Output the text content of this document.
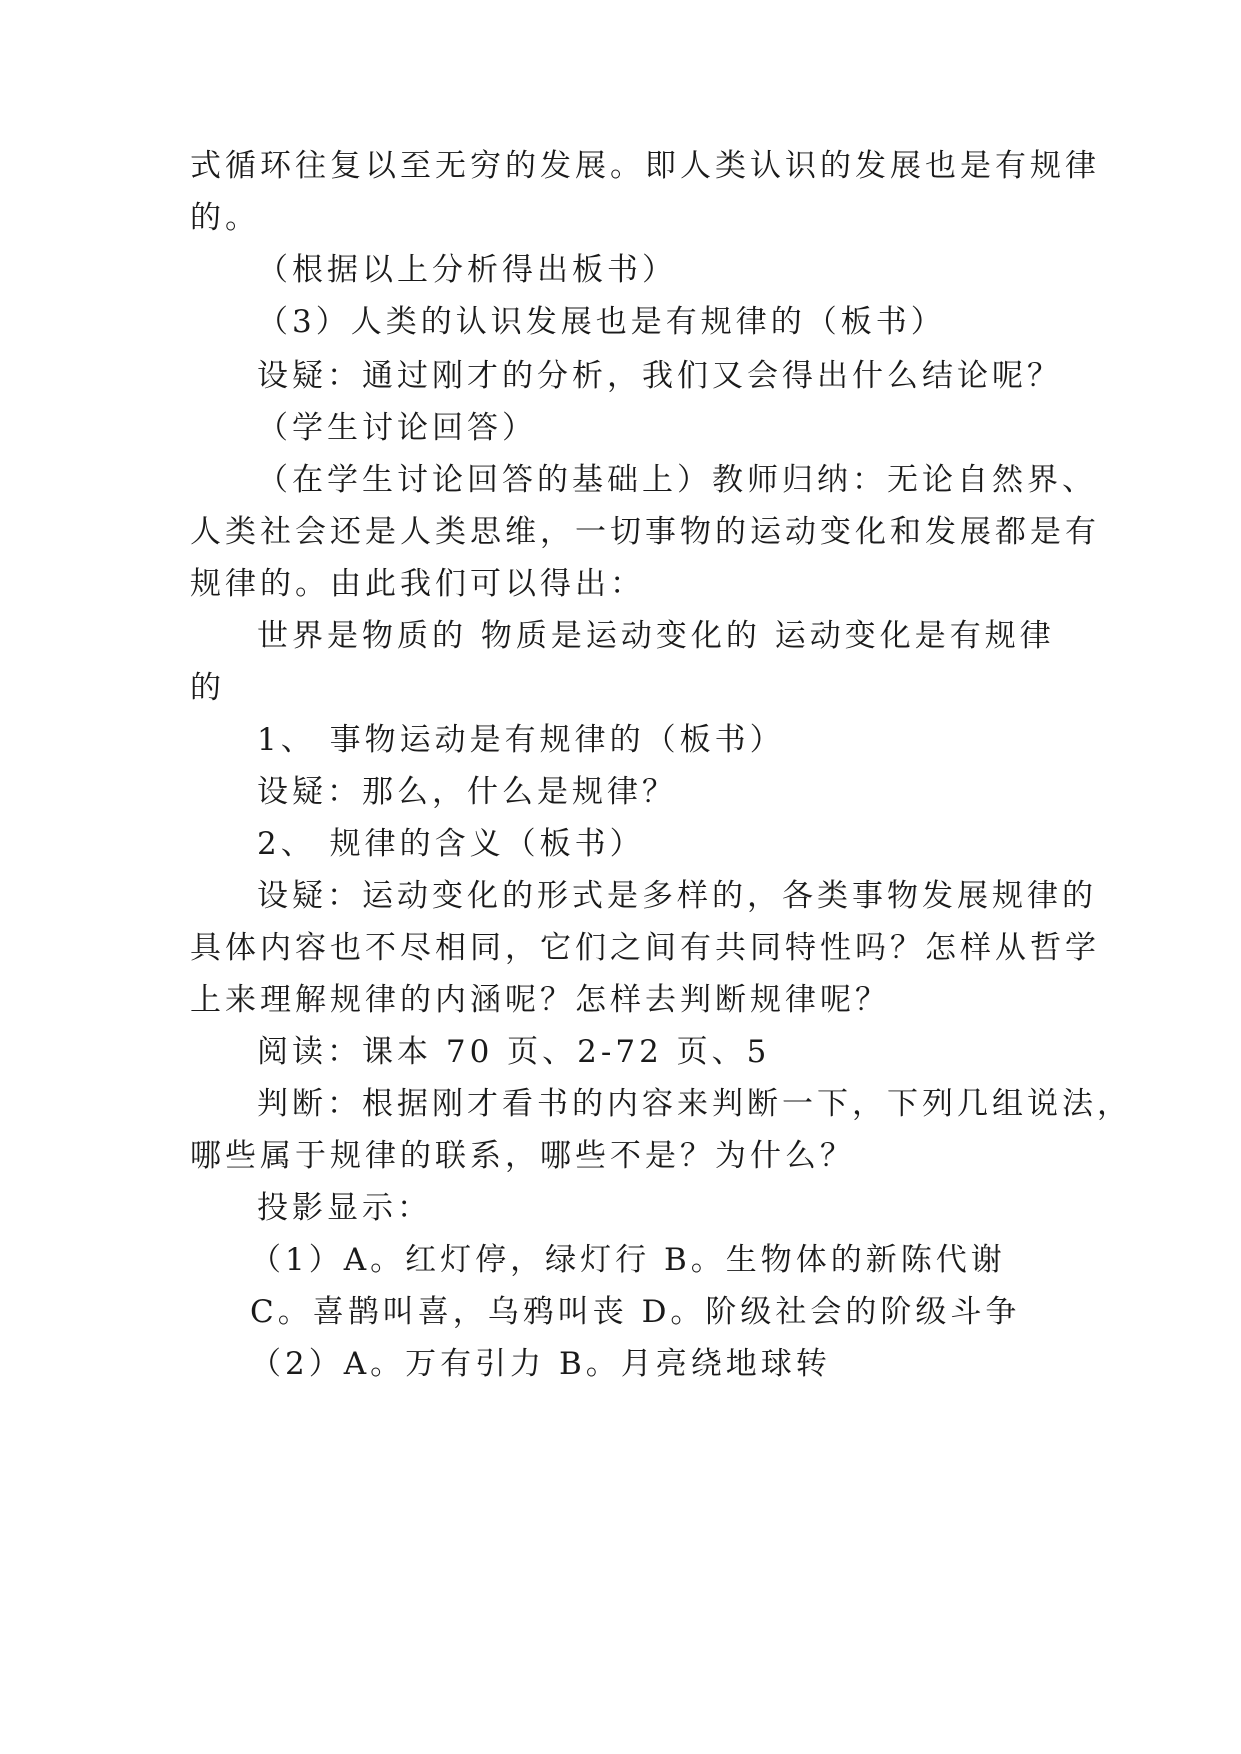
式循环往复以至无穷的发展。即人类认识的发展也是有规律
的。
（根据以上分析得出板书）
（3）人类的认识发展也是有规律的（板书）
设疑：通过刚才的分析，我们又会得出什么结论呢？
（学生讨论回答）
（在学生讨论回答的基础上）教师归纳：无论自然界、
人类社会还是人类思维，一切事物的运动变化和发展都是有
规律的。由此我们可以得出：
世界是物质的 物质是运动变化的 运动变化是有规律
的
1、 事物运动是有规律的（板书）
设疑：那么，什么是规律？
2、 规律的含义（板书）
设疑：运动变化的形式是多样的，各类事物发展规律的
具体内容也不尽相同，它们之间有共同特性吗？怎样从哲学
上来理解规律的内涵呢？怎样去判断规律呢？
阅读：课本 70 页、2-72 页、5
判断：根据刚才看书的内容来判断一下，下列几组说法，
哪些属于规律的联系，哪些不是？为什么？
投影显示：
（1）A。红灯停，绿灯行 B。生物体的新陈代谢
C。喜鹊叫喜，乌鸦叫丧 D。阶级社会的阶级斗争
（2）A。万有引力 B。月亮绕地球转
